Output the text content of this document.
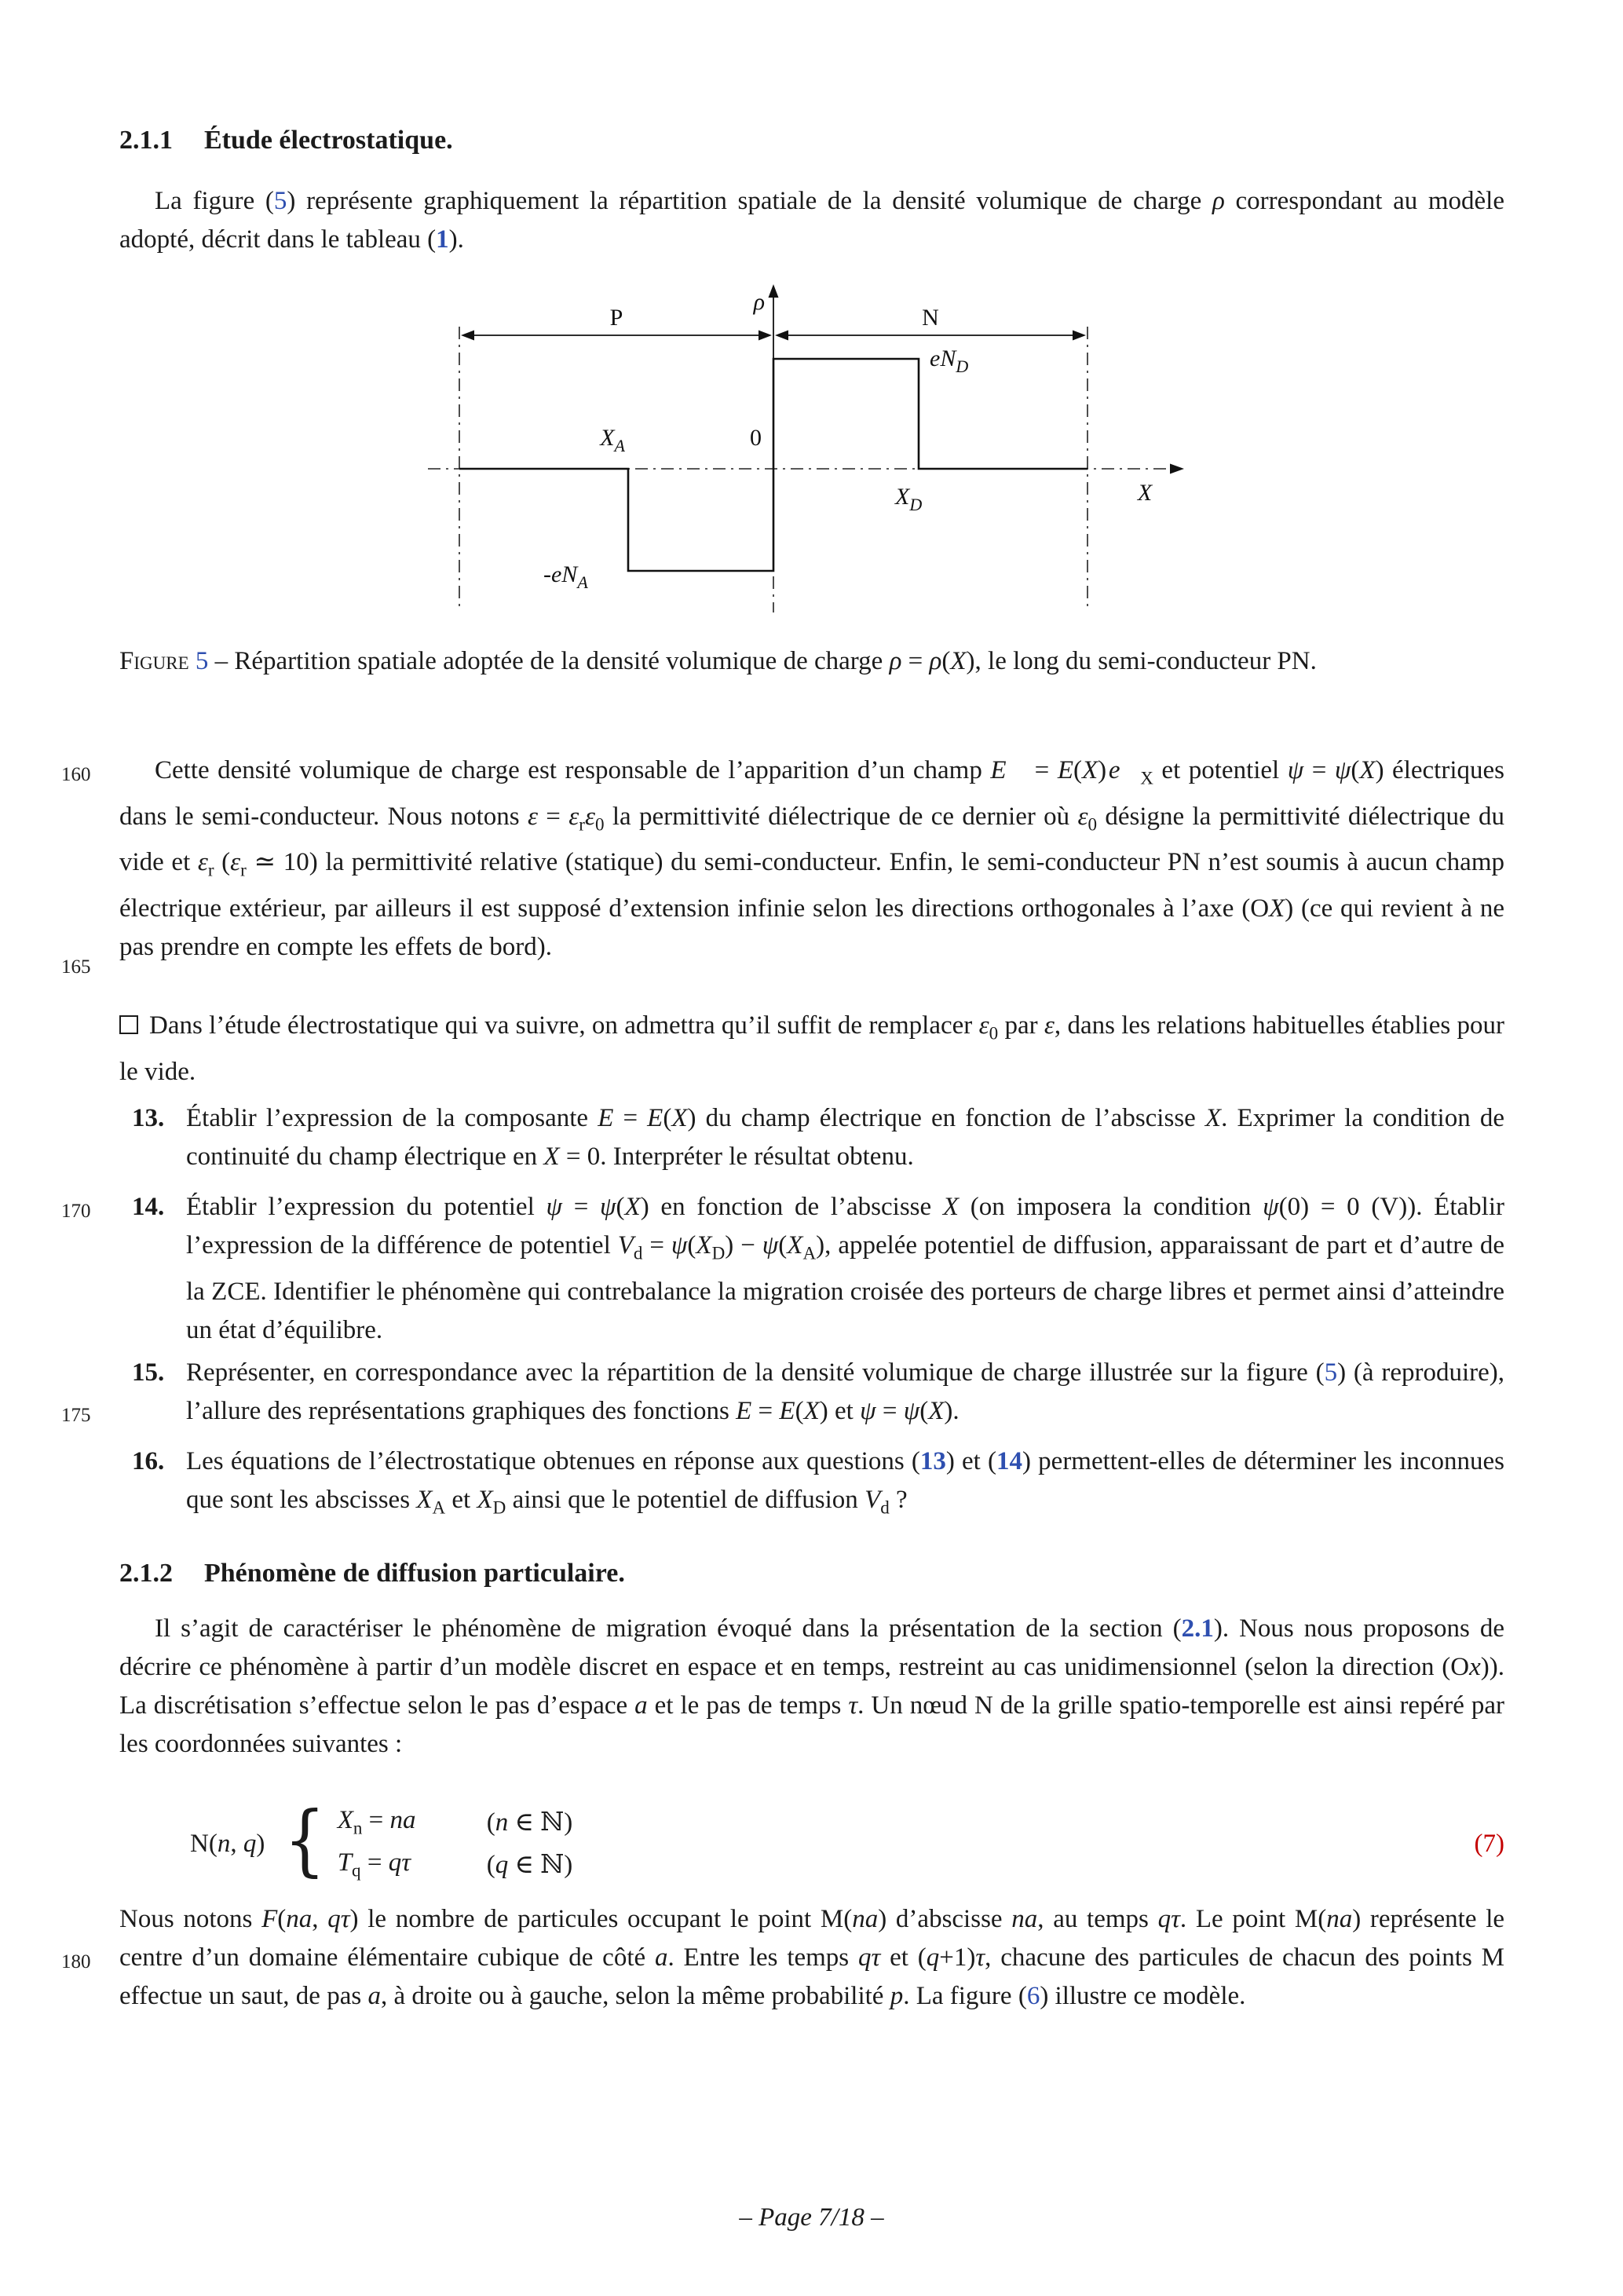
160
165
170
175
180
2.1.1 Étude électrostatique.

La figure (5) représente graphiquement la répartition spatiale de la densité volumique de charge ρ correspondant au modèle adopté, décrit dans le tableau (1).

P	N
ρ
X
0
$X_A$
$X_D$
$eN_D$
$-eN_A$

Figure 5 – Répartition spatiale adoptée de la densité volumique de charge ρ = ρ(X), le long du semi-conducteur PN.

Cette densité volumique de charge est responsable de l’apparition d’un champ E⃗ = E(X) $e⃗_X$ et potentiel ψ = ψ(X) électriques dans le semi-conducteur. Nous notons $\varepsilon = \varepsilon_r\varepsilon_0$ la permittivité diélectrique de ce dernier où $\varepsilon_0$ désigne la permittivité diélectrique du vide et $\varepsilon_r$ ($\varepsilon_r$ ≃ 10) la permittivité relative (statique) du semi-conducteur. Enfin, le semi-conducteur PN n’est soumis à aucun champ électrique extérieur, par ailleurs il est supposé d’extension infinie selon les directions orthogonales à l’axe (OX) (ce qui revient à ne pas prendre en compte les effets de bord).

Dans l’étude électrostatique qui va suivre, on admettra qu’il suffit de remplacer $\varepsilon_0$ par ε, dans les relations habituelles établies pour le vide.

13. Établir l’expression de la composante E = E(X) du champ électrique en fonction de l’abscisse X. Exprimer la condition de continuité du champ électrique en X = 0. Interpréter le résultat obtenu.

14. Établir l’expression du potentiel ψ = ψ(X) en fonction de l’abscisse X (on imposera la condition ψ(0) = 0 (V)). Établir l’expression de la différence de potentiel $V_d = \psi(X_D) - \psi(X_A)$, appelée potentiel de diffusion, apparaissant de part et d’autre de la ZCE. Identifier le phénomène qui contrebalance la migration croisée des porteurs de charge libres et permet ainsi d’atteindre un état d’équilibre.

15. Représenter, en correspondance avec la répartition de la densité volumique de charge illustrée sur la figure (5) (à reproduire), l’allure des représentations graphiques des fonctions E = E(X) et ψ = ψ(X).

16. Les équations de l’électrostatique obtenues en réponse aux questions (13) et (14) permettent-elles de déterminer les inconnues que sont les abscisses $X_A$ et $X_D$ ainsi que le potentiel de diffusion $V_d$ ?

2.1.2 Phénomène de diffusion particulaire.

Il s’agit de caractériser le phénomène de migration évoqué dans la présentation de la section (2.1). Nous nous proposons de décrire ce phénomène à partir d’un modèle discret en espace et en temps, restreint au cas unidimensionnel (selon la direction (Ox)). La discrétisation s’effectue selon le pas d’espace a et le pas de temps τ. Un nœud N de la grille spatio-temporelle est ainsi repéré par les coordonnées suivantes :

N(n, q) { $X_n$ = na	(n ∈ ℕ)
$T_q = q\tau$	(q ∈ ℕ)
(7)

Nous notons F(na, qτ) le nombre de particules occupant le point M(na) d’abscisse na, au temps qτ. Le point M(na) représente le centre d’un domaine élémentaire cubique de côté a. Entre les temps qτ et (q+1)τ, chacune des particules de chacun des points M effectue un saut, de pas a, à droite ou à gauche, selon la même probabilité p. La figure (6) illustre ce modèle.

– Page 7/18 –
